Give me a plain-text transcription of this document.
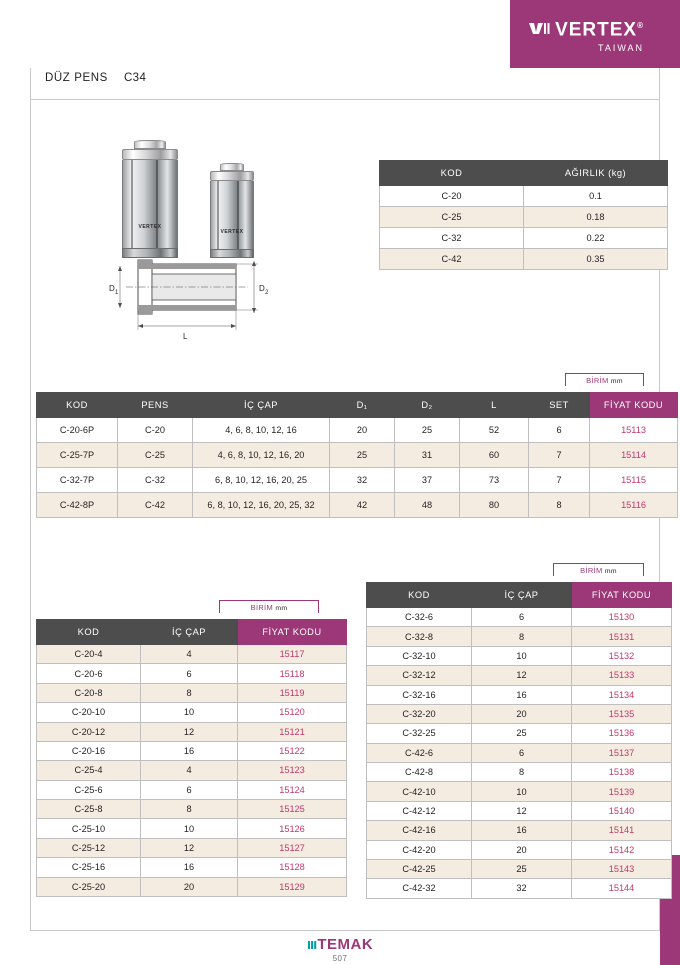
VERTEX®
TAIWAN
DÜZ PENS C34
VERTEX
VERTEX
D 1	D 2
L
KOD	AĞIRLIK (kg)
C-20	0.1
C-25	0.18
C-32	0.22
C-42	0.35
BİRİM mm
KOD	PENS	İÇ ÇAP	D₁	D₂	L	SET	FİYAT KODU
C-20-6P	C-20	4, 6, 8, 10, 12, 16	20	25	52	6	15113
C-25-7P	C-25	4, 6, 8, 10, 12, 16, 20	25	31	60	7	15114
C-32-7P	C-32	6, 8, 10, 12, 16, 20, 25	32	37	73	7	15115
C-42-8P	C-42	6, 8, 10, 12, 16, 20, 25, 32	42	48	80	8	15116
BİRİM mm
KOD	İÇ ÇAP	FİYAT KODU
C-20-4	4	15117
C-20-6	6	15118
C-20-8	8	15119
C-20-10	10	15120
C-20-12	12	15121
C-20-16	16	15122
C-25-4	4	15123
C-25-6	6	15124
C-25-8	8	15125
C-25-10	10	15126
C-25-12	12	15127
C-25-16	16	15128
C-25-20	20	15129
BİRİM mm
KOD	İÇ ÇAP	FİYAT KODU
C-32-6	6	15130
C-32-8	8	15131
C-32-10	10	15132
C-32-12	12	15133
C-32-16	16	15134
C-32-20	20	15135
C-32-25	25	15136
C-42-6	6	15137
C-42-8	8	15138
C-42-10	10	15139
C-42-12	12	15140
C-42-16	16	15141
C-42-20	20	15142
C-42-25	25	15143
C-42-32	32	15144
ıııTEMAK
507
